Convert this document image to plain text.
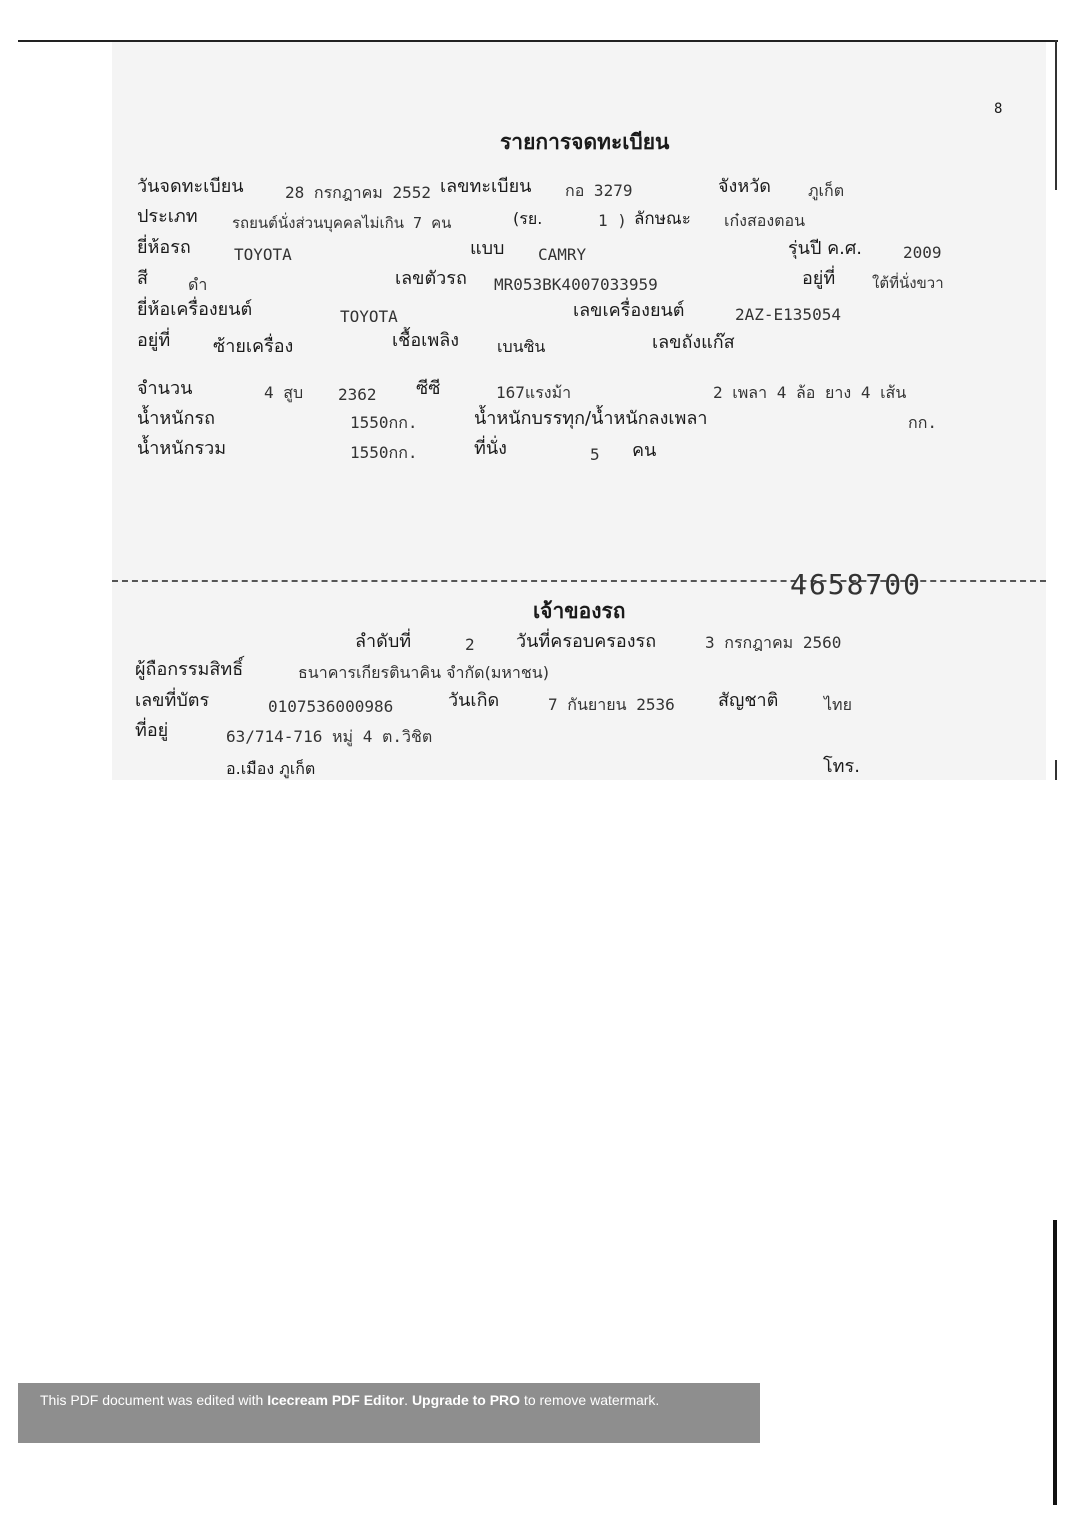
8
รายการจดทะเบียน
วันจดทะเบียน	28 กรกฎาคม 2552 เลขทะเบียน กอ 3279	จังหวัด ภูเก็ต
ประเภท รถยนต์นั่งส่วนบุคคลไม่เกิน 7 คน	(รย.	1 ) ลักษณะ เก๋งสองตอน
ยี่ห้อรถ	TOYOTA	แบบ CAMRY	รุ่นปี ค.ศ.	2009
สี	ดำ	เลขตัวรถ MR053BK4007033959	อยู่ที่ ใต้ที่นั่งขวา
ยี่ห้อเครื่องยนต์	TOYOTA	เลขเครื่องยนต์	2AZ-E135054
อยู่ที่ ซ้ายเครื่อง	เชื้อเพลิง เบนซิน	เลขถังแก๊ส
จำนวน	4 สูบ 2362 ซีซี	167แรงม้า	2 เพลา 4 ล้อ ยาง 4 เส้น
น้ำหนักรถ	1550กก.	น้ำหนักบรรทุก/น้ำหนักลงเพลา	กก.
น้ำหนักรวม	1550กก.	ที่นั่ง	5 คน
เจ้าของรถ
ลำดับที่	2 วันที่ครอบครองรถ	3 กรกฎาคม 2560
ผู้ถือกรรมสิทธิ์	ธนาคารเกียรตินาคิน จำกัด(มหาชน)
เลขที่บัตร	0107536000986	วันเกิด	7 กันยายน 2536 สัญชาติ	ไทย
ที่อยู่	63/714-716 หมู่ 4 ต.วิชิต
อ.เมือง ภูเก็ต	โทร.
This PDF document was edited with Icecream PDF Editor . Upgrade to PRO to remove watermark.
